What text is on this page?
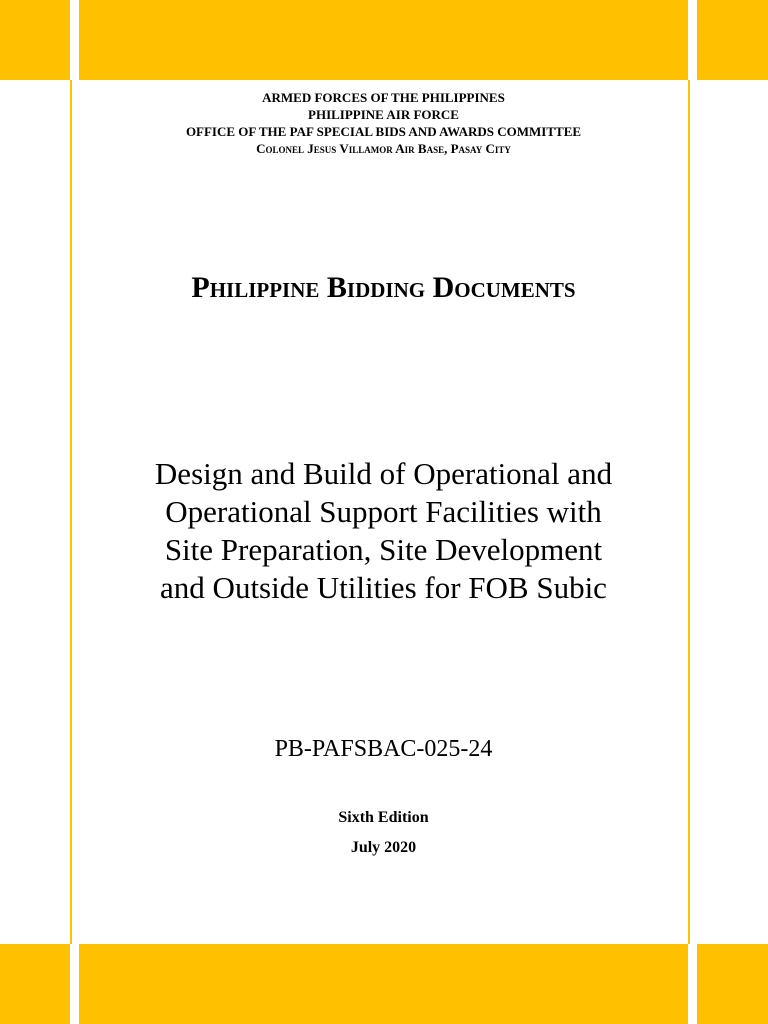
ARMED FORCES OF THE PHILIPPINES
PHILIPPINE AIR FORCE
OFFICE OF THE PAF SPECIAL BIDS AND AWARDS COMMITTEE
Colonel Jesus Villamor Air Base, Pasay City
Philippine Bidding Documents
Design and Build of Operational and
Operational Support Facilities with
Site Preparation, Site Development
and Outside Utilities for FOB Subic
PB-PAFSBAC-025-24
Sixth Edition
July 2020
